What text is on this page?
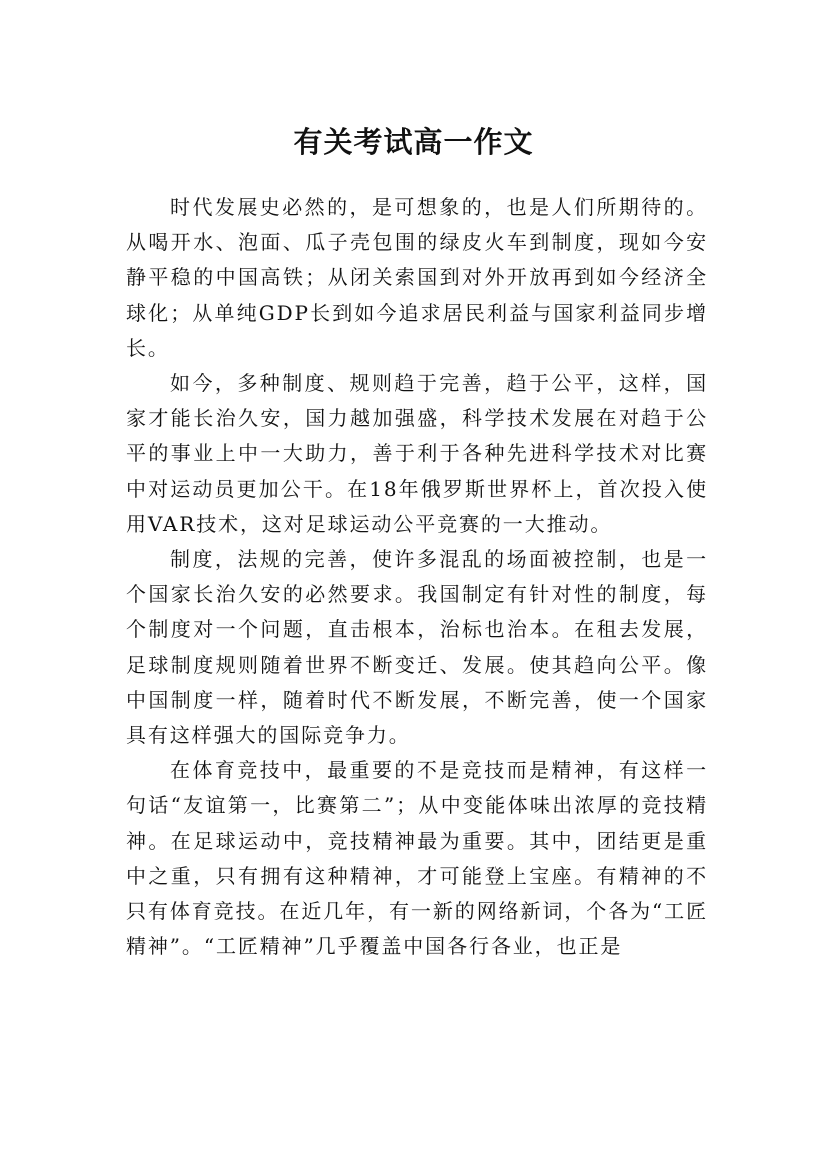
有关考试高一作文

时代发展史必然的，是可想象的，也是人们所期待的。从喝开水、泡面、瓜子壳包围的绿皮火车到制度，现如今安静平稳的中国高铁；从闭关索国到对外开放再到如今经济全球化；从单纯GDP长到如今追求居民利益与国家利益同步增长。

如今，多种制度、规则趋于完善，趋于公平，这样，国家才能长治久安，国力越加强盛，科学技术发展在对趋于公平的事业上中一大助力，善于利于各种先进科学技术对比赛中对运动员更加公干。在18年俄罗斯世界杯上，首次投入使用VAR技术，这对足球运动公平竞赛的一大推动。

制度，法规的完善，使许多混乱的场面被控制，也是一个国家长治久安的必然要求。我国制定有针对性的制度，每个制度对一个问题，直击根本，治标也治本。在租去发展，足球制度规则随着世界不断变迁、发展。使其趋向公平。像中国制度一样，随着时代不断发展，不断完善，使一个国家具有这样强大的国际竞争力。

在体育竞技中，最重要的不是竞技而是精神，有这样一句话“友谊第一，比赛第二”；从中变能体味出浓厚的竞技精神。在足球运动中，竞技精神最为重要。其中，团结更是重中之重，只有拥有这种精神，才可能登上宝座。有精神的不只有体育竞技。在近几年，有一新的网络新词，个各为“工匠精神”。“工匠精神”几乎覆盖中国各行各业，也正是
